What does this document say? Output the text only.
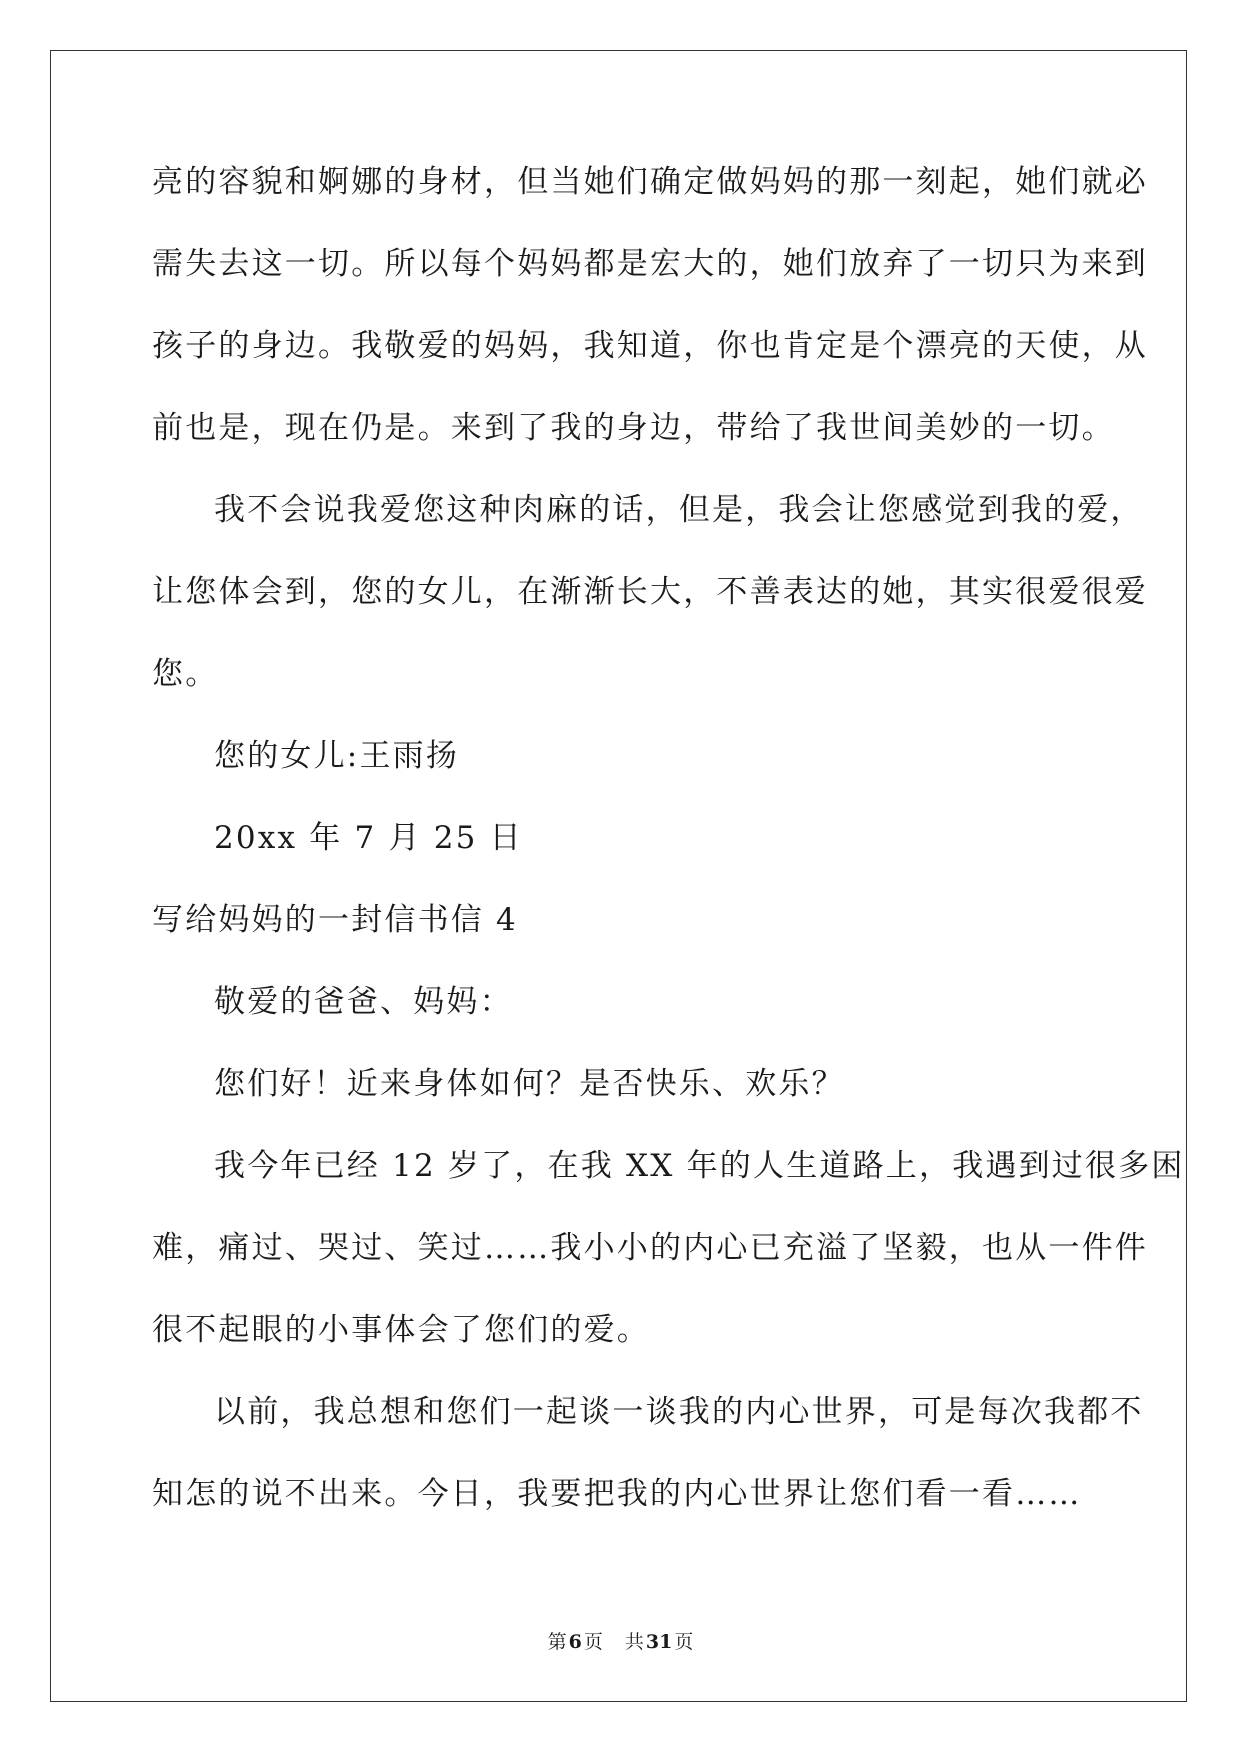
亮的容貌和婀娜的身材，但当她们确定做妈妈的那一刻起，她们就必
需失去这一切。所以每个妈妈都是宏大的，她们放弃了一切只为来到
孩子的身边。我敬爱的妈妈，我知道，你也肯定是个漂亮的天使，从
前也是，现在仍是。来到了我的身边，带给了我世间美妙的一切。
我不会说我爱您这种肉麻的话，但是，我会让您感觉到我的爱，
让您体会到，您的女儿，在渐渐长大，不善表达的她，其实很爱很爱
您。
您的女儿:王雨扬
20xx 年 7 月 25 日
写给妈妈的一封信书信 4
敬爱的爸爸、妈妈：
您们好！近来身体如何？是否快乐、欢乐？
我今年已经 12 岁了，在我 XX 年的人生道路上，我遇到过很多困
难，痛过、哭过、笑过……我小小的内心已充溢了坚毅，也从一件件
很不起眼的小事体会了您们的爱。
以前，我总想和您们一起谈一谈我的内心世界，可是每次我都不
知怎的说不出来。今日，我要把我的内心世界让您们看一看……
第 6 页 共 31 页
